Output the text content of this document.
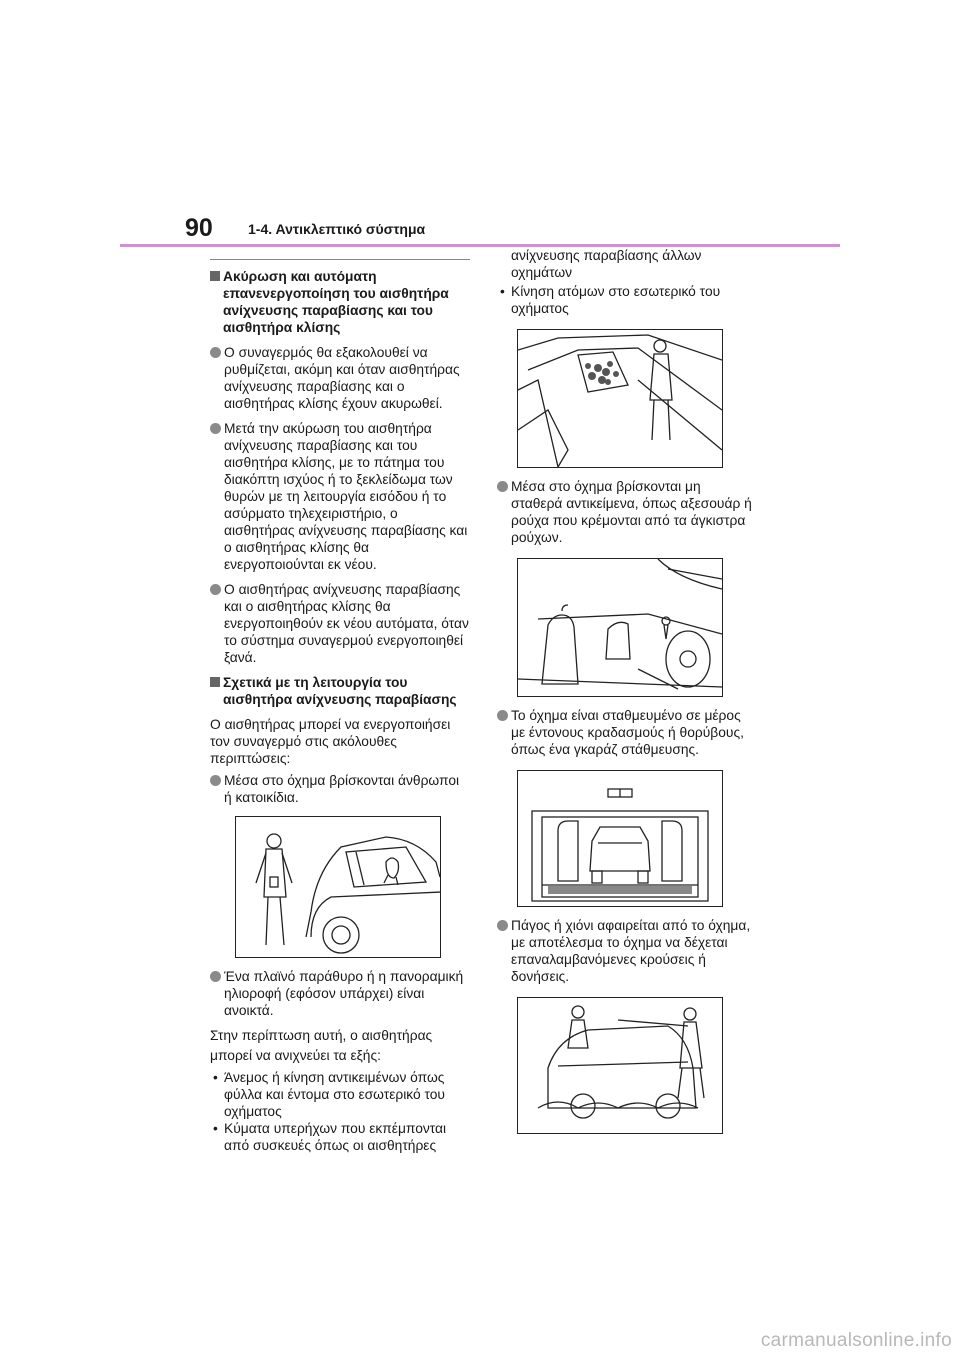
90	1-4. Αντικλεπτικό σύστημα
Ακύρωση και αυτόματη επανενεργοποίηση του αισθητήρα ανίχνευσης παραβίασης και του αισθητήρα κλίσης
Ο συναγερμός θα εξακολουθεί να ρυθμίζεται, ακόμη και όταν αισθητήρας ανίχνευσης παραβίασης και ο αισθητήρας κλίσης έχουν ακυρωθεί.
Μετά την ακύρωση του αισθητήρα ανίχνευσης παραβίασης και του αισθητήρα κλίσης, με το πάτημα του διακόπτη ισχύος ή το ξεκλείδωμα των θυρών με τη λειτουργία εισόδου ή το ασύρματο τηλεχειριστήριο, ο αισθητήρας ανίχνευσης παραβίασης και ο αισθητήρας κλίσης θα ενεργοποιούνται εκ νέου.
Ο αισθητήρας ανίχνευσης παραβίασης και ο αισθητήρας κλίσης θα ενεργοποιηθούν εκ νέου αυτόματα, όταν το σύστημα συναγερμού ενεργοποιηθεί ξανά.
Σχετικά με τη λειτουργία του αισθητήρα ανίχνευσης παραβίασης
Ο αισθητήρας μπορεί να ενεργοποιήσει τον συναγερμό στις ακόλουθες περιπτώσεις:
Μέσα στο όχημα βρίσκονται άνθρωποι ή κατοικίδια.
Ένα πλαϊνό παράθυρο ή η πανοραμική ηλιοροφή (εφόσον υπάρχει) είναι ανοικτά.
Στην περίπτωση αυτή, ο αισθητήρας
μπορεί να ανιχνεύει τα εξής:
• Άνεμος ή κίνηση αντικειμένων όπως φύλλα και έντομα στο εσωτερικό του οχήματος
• Κύματα υπερήχων που εκπέμπονται από συσκευές όπως οι αισθητήρες
ανίχνευσης παραβίασης άλλων οχημάτων
• Κίνηση ατόμων στο εσωτερικό του οχήματος
Μέσα στο όχημα βρίσκονται μη σταθερά αντικείμενα, όπως αξεσουάρ ή ρούχα που κρέμονται από τα άγκιστρα ρούχων.
Το όχημα είναι σταθμευμένο σε μέρος με έντονους κραδασμούς ή θορύβους, όπως ένα γκαράζ στάθμευσης.
Πάγος ή χιόνι αφαιρείται από το όχημα, με αποτέλεσμα το όχημα να δέχεται επαναλαμβανόμενες κρούσεις ή δονήσεις.
carmanualsonline.info
